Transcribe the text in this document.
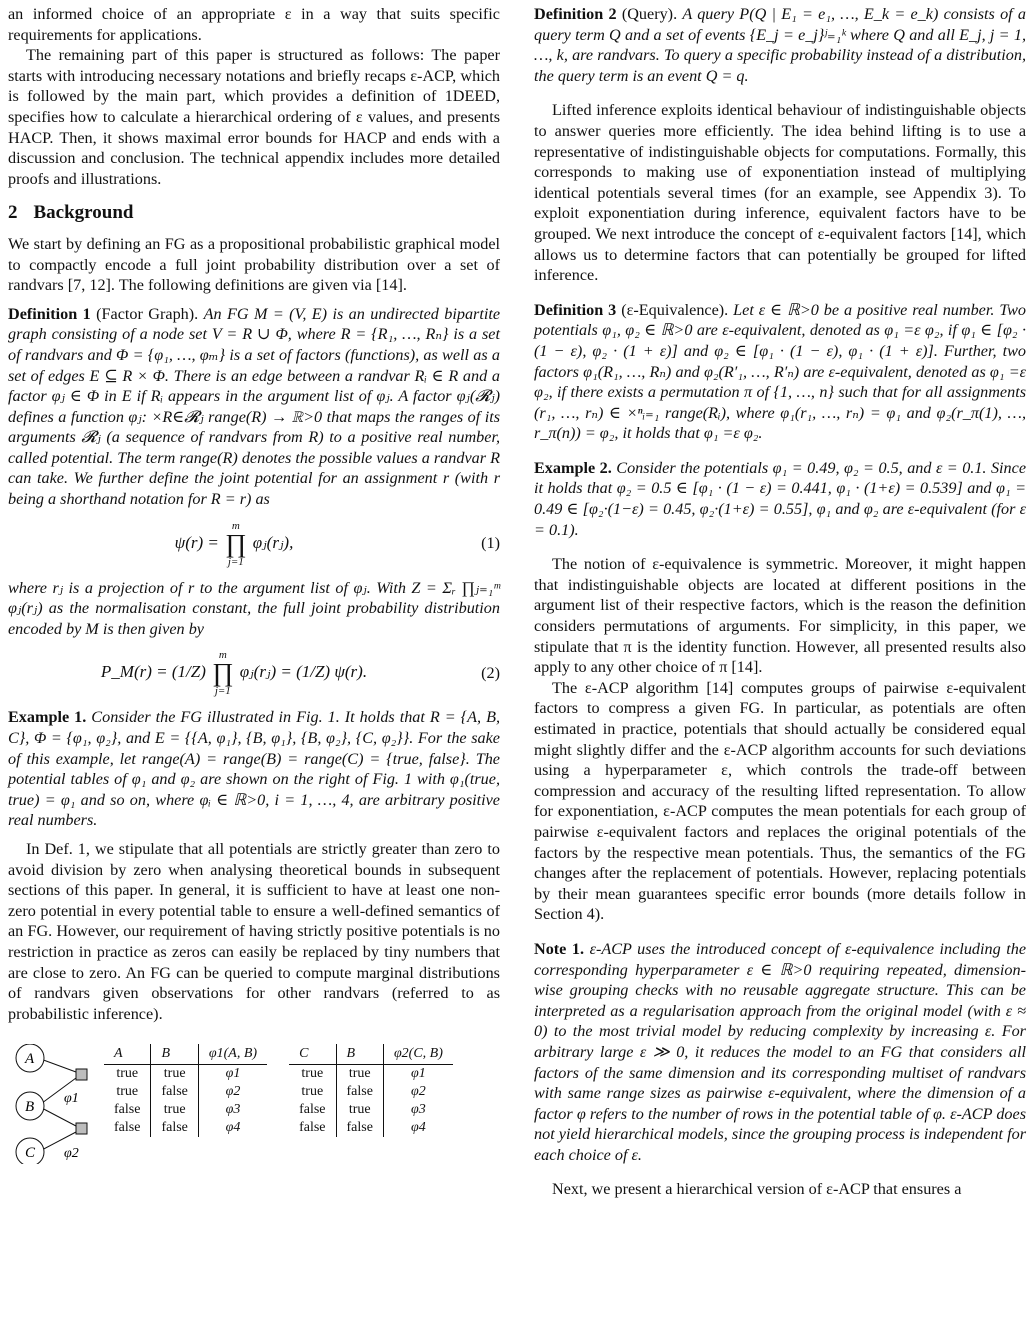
an informed choice of an appropriate ε in a way that suits specific requirements for applications.

The remaining part of this paper is structured as follows: The paper starts with introducing necessary notations and briefly recaps ε-ACP, which is followed by the main part, which provides a definition of 1DEED, specifies how to calculate a hierarchical ordering of ε values, and presents HACP. Then, it shows maximal error bounds for HACP and ends with a discussion and conclusion. The technical appendix includes more detailed proofs and illustrations.

2 Background

We start by defining an FG as a propositional probabilistic graphical model to compactly encode a full joint probability distribution over a set of randvars [7, 12]. The following definitions are given via [14].

Definition 1 (Factor Graph). An FG M = (V, E) is an undirected bipartite graph consisting of a node set V = R ∪ Φ, where R = {R₁, …, Rₙ} is a set of randvars and Φ = {φ₁, …, φₘ} is a set of factors (functions), as well as a set of edges E ⊆ R × Φ. There is an edge between a randvar Rᵢ ∈ R and a factor φⱼ ∈ Φ in E if Rᵢ appears in the argument list of φⱼ. A factor φⱼ(𝓡ⱼ) defines a function φⱼ: ×R∈𝓡ⱼ range(R) → ℝ>0 that maps the ranges of its arguments 𝓡ⱼ (a sequence of randvars from R) to a positive real number, called potential. The term range(R) denotes the possible values a randvar R can take. We further define the joint potential for an assignment r (with r being a shorthand notation for R = r) as

ψ(r) =
m
∏
j=1
φⱼ(rⱼ),	(1)

where rⱼ is a projection of r to the argument list of φⱼ. With Z = Σᵣ ∏ⱼ₌₁ᵐ φⱼ(rⱼ) as the normalisation constant, the full joint probability distribution encoded by M is then given by

P_M(r) = (1/Z)
m
∏
j=1
φⱼ(rⱼ) = (1/Z) ψ(r).	(2)

Example 1. Consider the FG illustrated in Fig. 1. It holds that R = {A, B, C}, Φ = {φ₁, φ₂}, and E = {{A, φ₁}, {B, φ₁}, {B, φ₂}, {C, φ₂}}. For the sake of this example, let range(A) = range(B) = range(C) = {true, false}. The potential tables of φ₁ and φ₂ are shown on the right of Fig. 1 with φ₁(true, true) = φ₁ and so on, where φᵢ ∈ ℝ>0, i = 1, …, 4, are arbitrary positive real numbers.

In Def. 1, we stipulate that all potentials are strictly greater than zero to avoid division by zero when analysing theoretical bounds in subsequent sections of this paper. In general, it is sufficient to have at least one non-zero potential in every potential table to ensure a well-defined semantics of an FG. However, our requirement of having strictly positive potentials is no restriction in practice as zeros can easily be replaced by tiny numbers that are close to zero. An FG can be queried to compute marginal distributions of randvars given observations for other randvars (referred to as probabilistic inference).

A
B
C
φ1
φ2
A	B	φ1(A, B)
true	true	φ1
true	false	φ2
false	true	φ3
false	false	φ4
C	B	φ2(C, B)
true	true	φ1
true	false	φ2
false	true	φ3
false	false	φ4

Definition 2 (Query). A query P(Q | E₁ = e₁, …, E_k = e_k) consists of a query term Q and a set of events {E_j = e_j}ʲ₌₁ᵏ where Q and all E_j, j = 1, …, k, are randvars. To query a specific probability instead of a distribution, the query term is an event Q = q.

Lifted inference exploits identical behaviour of indistinguishable objects to answer queries more efficiently. The idea behind lifting is to use a representative of indistinguishable objects for computations. Formally, this corresponds to making use of exponentiation instead of multiplying identical potentials several times (for an example, see Appendix 3). To exploit exponentiation during inference, equivalent factors have to be grouped. We next introduce the concept of ε-equivalent factors [14], which allows us to determine factors that can potentially be grouped for lifted inference.

Definition 3 (ε-Equivalence). Let ε ∈ ℝ>0 be a positive real number. Two potentials φ₁, φ₂ ∈ ℝ>0 are ε-equivalent, denoted as φ₁ =ε φ₂, if φ₁ ∈ [φ₂ · (1 − ε), φ₂ · (1 + ε)] and φ₂ ∈ [φ₁ · (1 − ε), φ₁ · (1 + ε)]. Further, two factors φ₁(R₁, …, Rₙ) and φ₂(R′₁, …, R′ₙ) are ε-equivalent, denoted as φ₁ =ε φ₂, if there exists a permutation π of {1, …, n} such that for all assignments (r₁, …, rₙ) ∈ ×ⁿᵢ₌₁ range(Rᵢ), where φ₁(r₁, …, rₙ) = φ₁ and φ₂(r_π(1), …, r_π(n)) = φ₂, it holds that φ₁ =ε φ₂.

Example 2. Consider the potentials φ₁ = 0.49, φ₂ = 0.5, and ε = 0.1. Since it holds that φ₂ = 0.5 ∈ [φ₁ · (1 − ε) = 0.441, φ₁ · (1+ε) = 0.539] and φ₁ = 0.49 ∈ [φ₂·(1−ε) = 0.45, φ₂·(1+ε) = 0.55], φ₁ and φ₂ are ε-equivalent (for ε = 0.1).

The notion of ε-equivalence is symmetric. Moreover, it might happen that indistinguishable objects are located at different positions in the argument list of their respective factors, which is the reason the definition considers permutations of arguments. For simplicity, in this paper, we stipulate that π is the identity function. However, all presented results also apply to any other choice of π [14].

The ε-ACP algorithm [14] computes groups of pairwise ε-equivalent factors to compress a given FG. In particular, as potentials are often estimated in practice, potentials that should actually be considered equal might slightly differ and the ε-ACP algorithm accounts for such deviations using a hyperparameter ε, which controls the trade-off between compression and accuracy of the resulting lifted representation. To allow for exponentiation, ε-ACP computes the mean potentials for each group of pairwise ε-equivalent factors and replaces the original potentials of the factors by the respective mean potentials. Thus, the semantics of the FG changes after the replacement of potentials. However, replacing potentials by their mean guarantees specific error bounds (more details follow in Section 4).

Note 1. ε-ACP uses the introduced concept of ε-equivalence including the corresponding hyperparameter ε ∈ ℝ>0 requiring repeated, dimension-wise grouping checks with no reusable aggregate structure. This can be interpreted as a regularisation approach from the original model (with ε ≈ 0) to the most trivial model by reducing complexity by increasing ε. For arbitrary large ε ≫ 0, it reduces the model to an FG that considers all factors of the same dimension and its corresponding multiset of randvars with same range sizes as pairwise ε-equivalent, where the dimension of a factor φ refers to the number of rows in the potential table of φ. ε-ACP does not yield hierarchical models, since the grouping process is independent for each choice of ε.

Next, we present a hierarchical version of ε-ACP that ensures a
